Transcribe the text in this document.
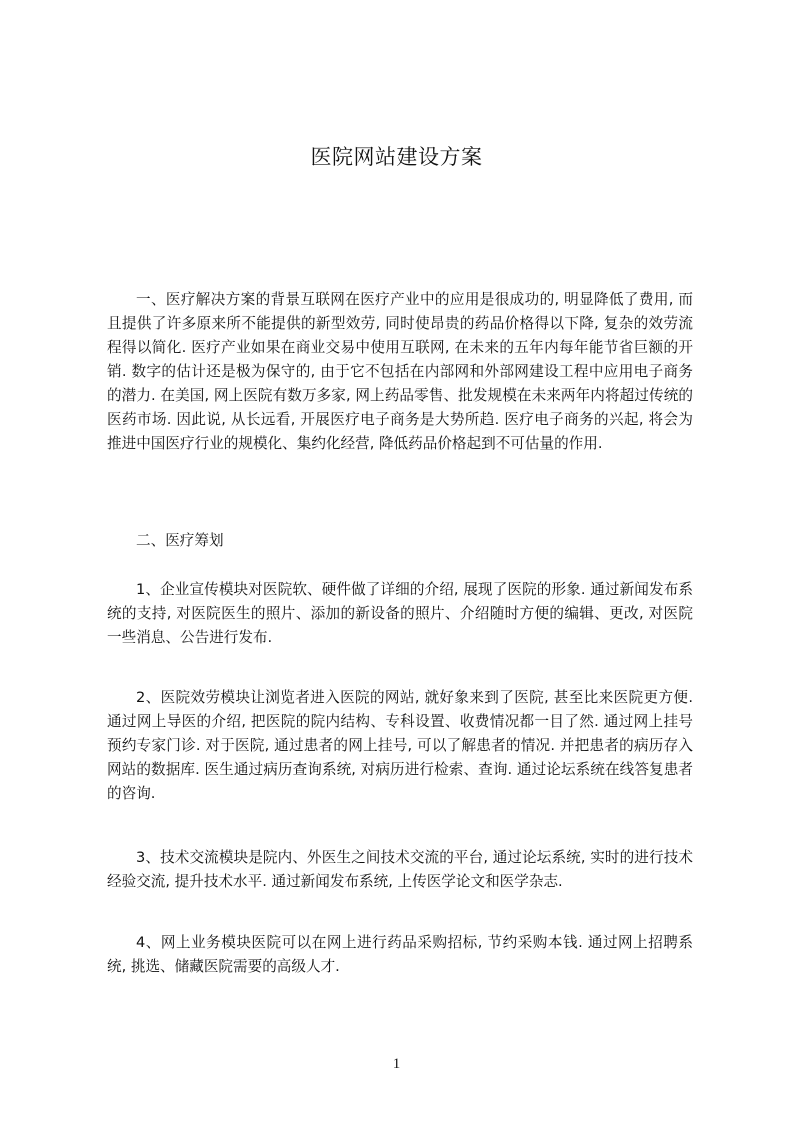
医院网站建设方案

一、医疗解决方案的背景互联网在医疗产业中的应用是很成功的, 明显降低了费用, 而且提供了许多原来所不能提供的新型效劳, 同时使昂贵的药品价格得以下降, 复杂的效劳流程得以简化. 医疗产业如果在商业交易中使用互联网, 在未来的五年内每年能节省巨额的开销. 数字的估计还是极为保守的, 由于它不包括在内部网和外部网建设工程中应用电子商务的潜力. 在美国, 网上医院有数万多家, 网上药品零售、批发规模在未来两年内将超过传统的医药市场. 因此说, 从长远看, 开展医疗电子商务是大势所趋. 医疗电子商务的兴起, 将会为推进中国医疗行业的规模化、集约化经营, 降低药品价格起到不可估量的作用.

二、医疗筹划

1、企业宣传模块对医院软、硬件做了详细的介绍, 展现了医院的形象. 通过新闻发布系统的支持, 对医院医生的照片、添加的新设备的照片、介绍随时方便的编辑、更改, 对医院一些消息、公告进行发布.

2、医院效劳模块让浏览者进入医院的网站, 就好象来到了医院, 甚至比来医院更方便. 通过网上导医的介绍, 把医院的院内结构、专科设置、收费情况都一目了然. 通过网上挂号预约专家门诊. 对于医院, 通过患者的网上挂号, 可以了解患者的情况. 并把患者的病历存入网站的数据库. 医生通过病历查询系统, 对病历进行检索、查询. 通过论坛系统在线答复患者的咨询.

3、技术交流模块是院内、外医生之间技术交流的平台, 通过论坛系统, 实时的进行技术经验交流, 提升技术水平. 通过新闻发布系统, 上传医学论文和医学杂志.

4、网上业务模块医院可以在网上进行药品采购招标, 节约采购本钱. 通过网上招聘系统, 挑选、储藏医院需要的高级人才.

1
